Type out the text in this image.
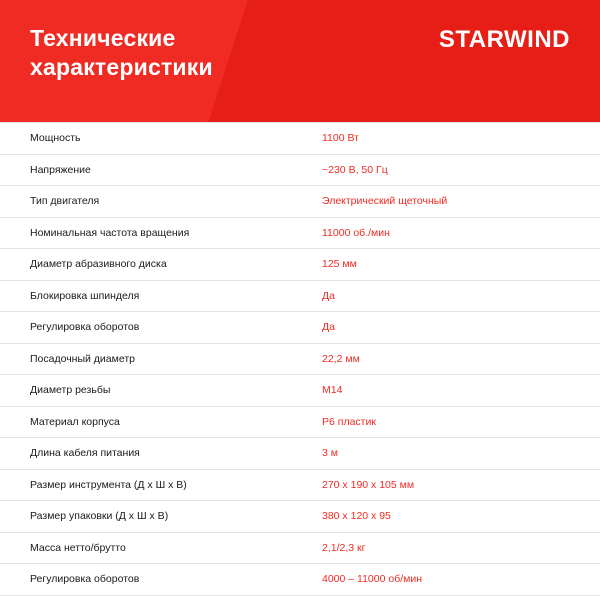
Технические характеристики
STARWIND
Мощность	1100 Вт
Напряжение	~230 В, 50 Гц
Тип двигателя	Электрический щеточный
Номинальная частота вращения	11000 об./мин
Диаметр абразивного диска	125 мм
Блокировка шпинделя	Да
Регулировка оборотов	Да
Посадочный диаметр	22,2 мм
Диаметр резьбы	М14
Материал корпуса	Р6 пластик
Длина кабеля питания	3 м
Размер инструмента (Д х Ш х В)	270 x 190 x 105 мм
Размер упаковки (Д х Ш х В)	380 x 120 x 95
Масса нетто/брутто	2,1/2,3 кг
Регулировка оборотов	4000 – 11000 об/мин
